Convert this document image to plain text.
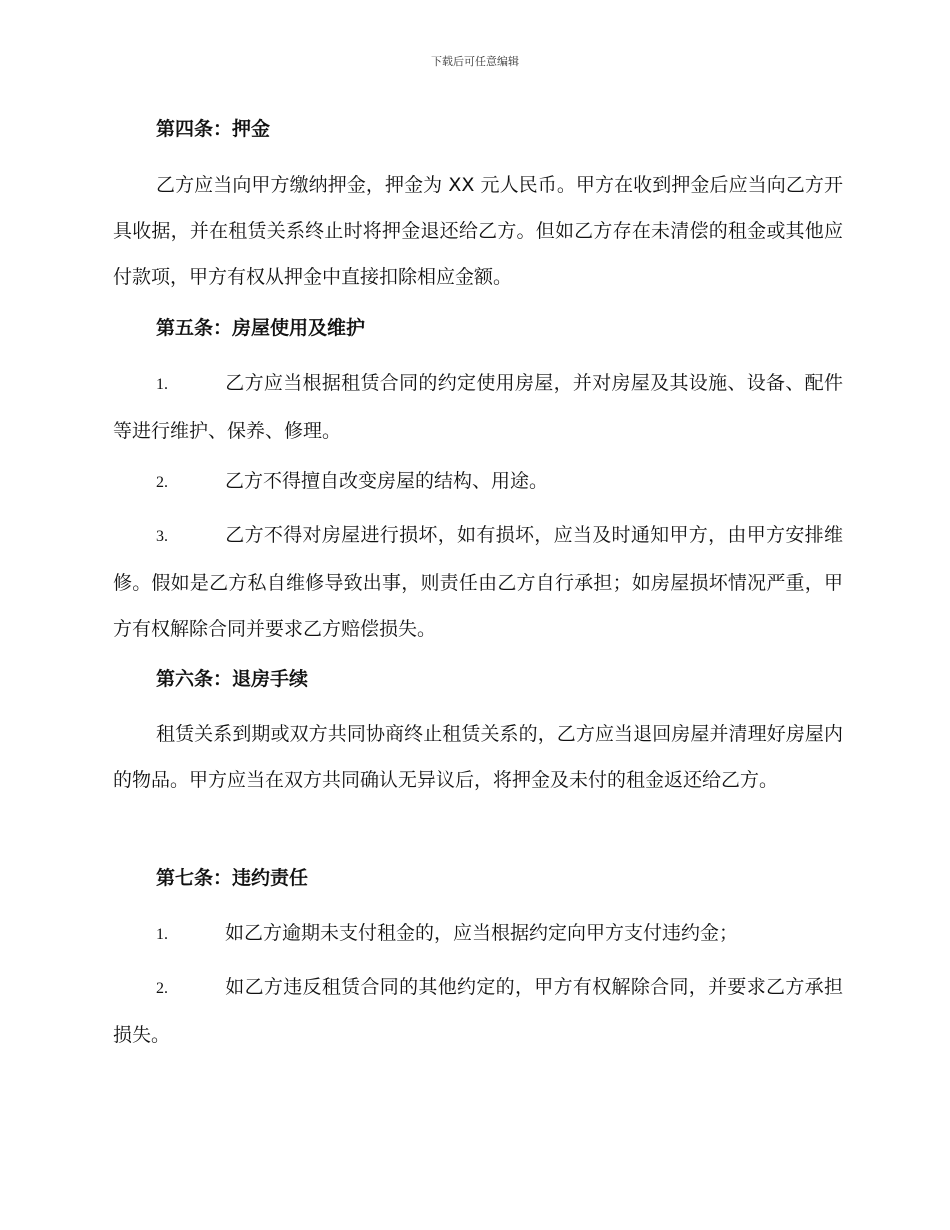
下载后可任意编辑
第四条：押金

乙方应当向甲方缴纳押金，押金为 XX 元人民币。甲方在收到押金后应当向乙方开具收据，并在租赁关系终止时将押金退还给乙方。但如乙方存在未清偿的租金或其他应付款项，甲方有权从押金中直接扣除相应金额。

第五条：房屋使用及维护

1.	乙方应当根据租赁合同的约定使用房屋，并对房屋及其设施、设备、配件等进行维护、保养、修理。

2.	乙方不得擅自改变房屋的结构、用途。

3.	乙方不得对房屋进行损坏，如有损坏，应当及时通知甲方，由甲方安排维修。假如是乙方私自维修导致出事，则责任由乙方自行承担；如房屋损坏情况严重，甲方有权解除合同并要求乙方赔偿损失。

第六条：退房手续

租赁关系到期或双方共同协商终止租赁关系的，乙方应当退回房屋并清理好房屋内的物品。甲方应当在双方共同确认无异议后，将押金及未付的租金返还给乙方。

第七条：违约责任

1.	如乙方逾期未支付租金的，应当根据约定向甲方支付违约金；

2.	如乙方违反租赁合同的其他约定的，甲方有权解除合同，并要求乙方承担损失。
